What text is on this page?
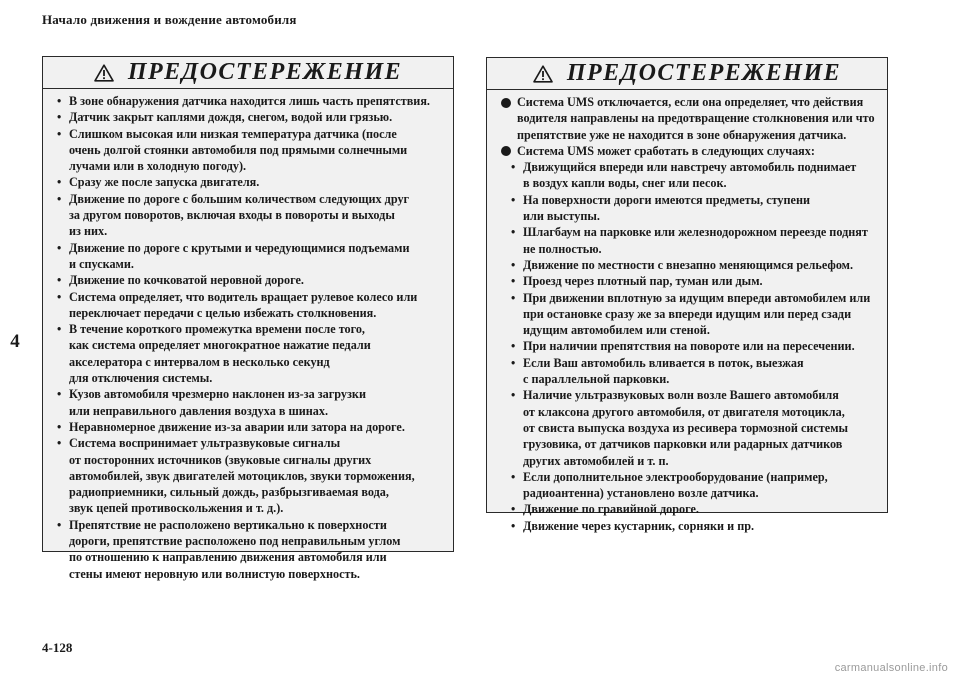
Начало движения и вождение автомобиля
4
ПРЕДОСТЕРЕЖЕНИЕ
• В зоне обнаружения датчика находится лишь часть препятствия.
• Датчик закрыт каплями дождя, снегом, водой или грязью.
• Слишком высокая или низкая температура датчика (после
очень долгой стоянки автомобиля под прямыми солнечными
лучами или в холодную погоду).
• Сразу же после запуска двигателя.
• Движение по дороге с большим количеством следующих друг
за другом поворотов, включая входы в повороты и выходы
из них.
• Движение по дороге с крутыми и чередующимися подъемами
и спусками.
• Движение по кочковатой неровной дороге.
• Система определяет, что водитель вращает рулевое колесо или
переключает передачи с целью избежать столкновения.
• В течение короткого промежутка времени после того,
как система определяет многократное нажатие педали
акселератора с интервалом в несколько секунд
для отключения системы.
• Кузов автомобиля чрезмерно наклонен из-за загрузки
или неправильного давления воздуха в шинах.
• Неравномерное движение из-за аварии или затора на дороге.
• Система воспринимает ультразвуковые сигналы
от посторонних источников (звуковые сигналы других
автомобилей, звук двигателей мотоциклов, звуки торможения,
радиоприемники, сильный дождь, разбрызгиваемая вода,
звук цепей противоскольжения и т. д.).
• Препятствие не расположено вертикально к поверхности
дороги, препятствие расположено под неправильным углом
по отношению к направлению движения автомобиля или
стены имеют неровную или волнистую поверхность.
ПРЕДОСТЕРЕЖЕНИЕ
Система UMS отключается, если она определяет, что действия
водителя направлены на предотвращение столкновения или что
препятствие уже не находится в зоне обнаружения датчика.
Система UMS может сработать в следующих случаях:
• Движущийся впереди или навстречу автомобиль поднимает
в воздух капли воды, снег или песок.
• На поверхности дороги имеются предметы, ступени
или выступы.
• Шлагбаум на парковке или железнодорожном переезде поднят
не полностью.
• Движение по местности с внезапно меняющимся рельефом.
• Проезд через плотный пар, туман или дым.
• При движении вплотную за идущим впереди автомобилем или
при остановке сразу же за впереди идущим или перед сзади
идущим автомобилем или стеной.
• При наличии препятствия на повороте или на пересечении.
• Если Ваш автомобиль вливается в поток, выезжая
с параллельной парковки.
• Наличие ультразвуковых волн возле Вашего автомобиля
от клаксона другого автомобиля, от двигателя мотоцикла,
от свиста выпуска воздуха из ресивера тормозной системы
грузовика, от датчиков парковки или радарных датчиков
других автомобилей и т. п.
• Если дополнительное электрооборудование (например,
радиоантенна) установлено возле датчика.
• Движение по гравийной дороге.
• Движение через кустарник, сорняки и пр.
4-128
carmanualsonline.info
